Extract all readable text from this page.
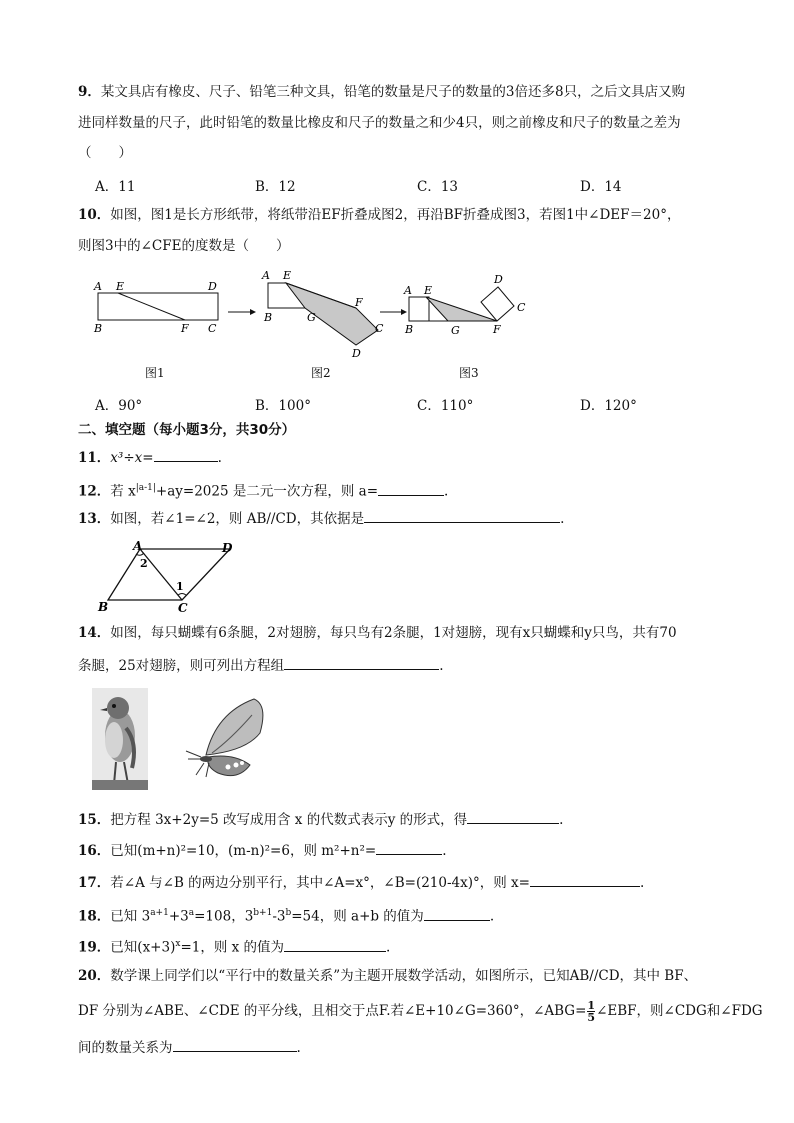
9．某文具店有橡皮、尺子、铅笔三种文具，铅笔的数量是尺子的数量的3倍还多8只，之后文具店又购
进同样数量的尺子，此时铅笔的数量比橡皮和尺子的数量之和少4只，则之前橡皮和尺子的数量之差为
（　　）
A．11	B．12	C．13	D．14
10．如图，图1是长方形纸带，将纸带沿EF折叠成图2，再沿BF折叠成图3，若图1中∠DEF＝20°，
则图3中的∠CFE的度数是（　　）
A E	D
B	F C
A E
B	G
F
C
D
A E
D
C
B	G	F
图1	图2	图3
A．90°	B．100°	C．110°	D．120°
二、填空题（每小题3分，共30分）
11．x³÷x=	.
12．若 $x^{|a-1|}+ay=2025$ 是二元一次方程，则 a=	.
13．如图，若∠1=∠2，则 AB//CD，其依据是	.
A	D
2
1
B	C
14．如图，每只蝴蝶有6条腿，2对翅膀，每只鸟有2条腿，1对翅膀，现有x只蝴蝶和y只鸟，共有70
条腿，25对翅膀，则可列出方程组	.
15．把方程 3x+2y=5 改写成用含 x 的代数式表示y 的形式，得	.
16．已知(m+n)²=10，(m-n)²=6，则 m²+n²=	.
17．若∠A 与∠B 的两边分别平行，其中∠A=x°，∠B=(210-4x)°，则 x=	.
18．已知 $3^{a+1}+3^a=108$，$3^{b+1}-3^b=54$，则 a+b 的值为	.
19．已知$(x+3)^x=1$，则 x 的值为	.
20．数学课上同学们以“平行中的数量关系”为主题开展数学活动，如图所示，已知AB//CD，其中 BF、
DF 分别为∠ABE、∠CDE 的平分线，且相交于点F.若∠E+10∠G=360°，∠ABG= $\frac{1}{5}$ ∠EBF，则∠CDG和∠FDG
间的数量关系为	.
